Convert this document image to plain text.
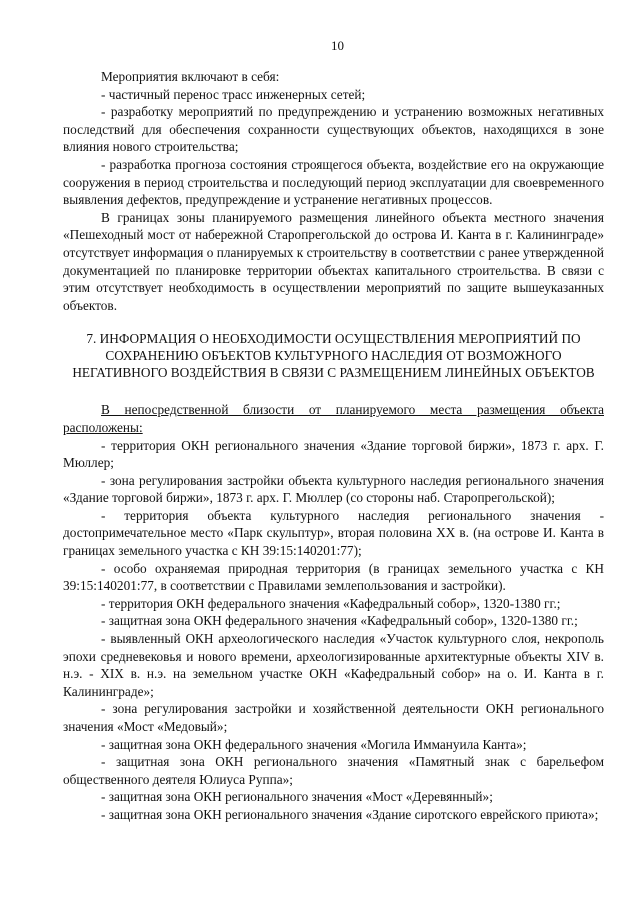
10

Мероприятия включают в себя:

- частичный перенос трасс инженерных сетей;

- разработку мероприятий по предупреждению и устранению возможных негативных последствий для обеспечения сохранности существующих объектов, находящихся в зоне влияния нового строительства;

- разработка прогноза состояния строящегося объекта, воздействие его на окружающие сооружения в период строительства и последующий период эксплуатации для своевременного выявления дефектов, предупреждение и устранение негативных процессов.

В границах зоны планируемого размещения линейного объекта местного значения «Пешеходный мост от набережной Старопрегольской до острова И. Канта в г. Калининграде» отсутствует информация о планируемых к строительству в соответствии с ранее утвержденной документацией по планировке территории объектах капитального строительства. В связи с этим отсутствует необходимость в осуществлении мероприятий по защите вышеуказанных объектов.

7. ИНФОРМАЦИЯ О НЕОБХОДИМОСТИ ОСУЩЕСТВЛЕНИЯ МЕРОПРИЯТИЙ ПО СОХРАНЕНИЮ ОБЪЕКТОВ КУЛЬТУРНОГО НАСЛЕДИЯ ОТ ВОЗМОЖНОГО НЕГАТИВНОГО ВОЗДЕЙСТВИЯ В СВЯЗИ С РАЗМЕЩЕНИЕМ ЛИНЕЙНЫХ ОБЪЕКТОВ

В непосредственной близости от планируемого места размещения объекта расположены:

- территория ОКН регионального значения «Здание торговой биржи», 1873 г. арх. Г. Мюллер;

- зона регулирования застройки объекта культурного наследия регионального значения «Здание торговой биржи», 1873 г. арх. Г. Мюллер (со стороны наб. Старопрегольской);

- территория объекта культурного наследия регионального значения - достопримечательное место «Парк скульптур», вторая половина XX в. (на острове И. Канта в границах земельного участка с КН 39:15:140201:77);

- особо охраняемая природная территория (в границах земельного участка с КН 39:15:140201:77, в соответствии с Правилами землепользования и застройки).

- территория ОКН федерального значения «Кафедральный собор», 1320-1380 гг.;

- защитная зона ОКН федерального значения «Кафедральный собор», 1320-1380 гг.;

- выявленный ОКН археологического наследия «Участок культурного слоя, некрополь эпохи средневековья и нового времени, археологизированные архитектурные объекты XIV в. н.э. - XIX в. н.э. на земельном участке ОКН «Кафедральный собор» на о. И. Канта в г. Калининграде»;

- зона регулирования застройки и хозяйственной деятельности ОКН регионального значения «Мост «Медовый»;

- защитная зона ОКН федерального значения «Могила Иммануила Канта»;

- защитная зона ОКН регионального значения «Памятный знак с барельефом общественного деятеля Юлиуса Руппа»;

- защитная зона ОКН регионального значения «Мост «Деревянный»;

- защитная зона ОКН регионального значения «Здание сиротского еврейского приюта»;
